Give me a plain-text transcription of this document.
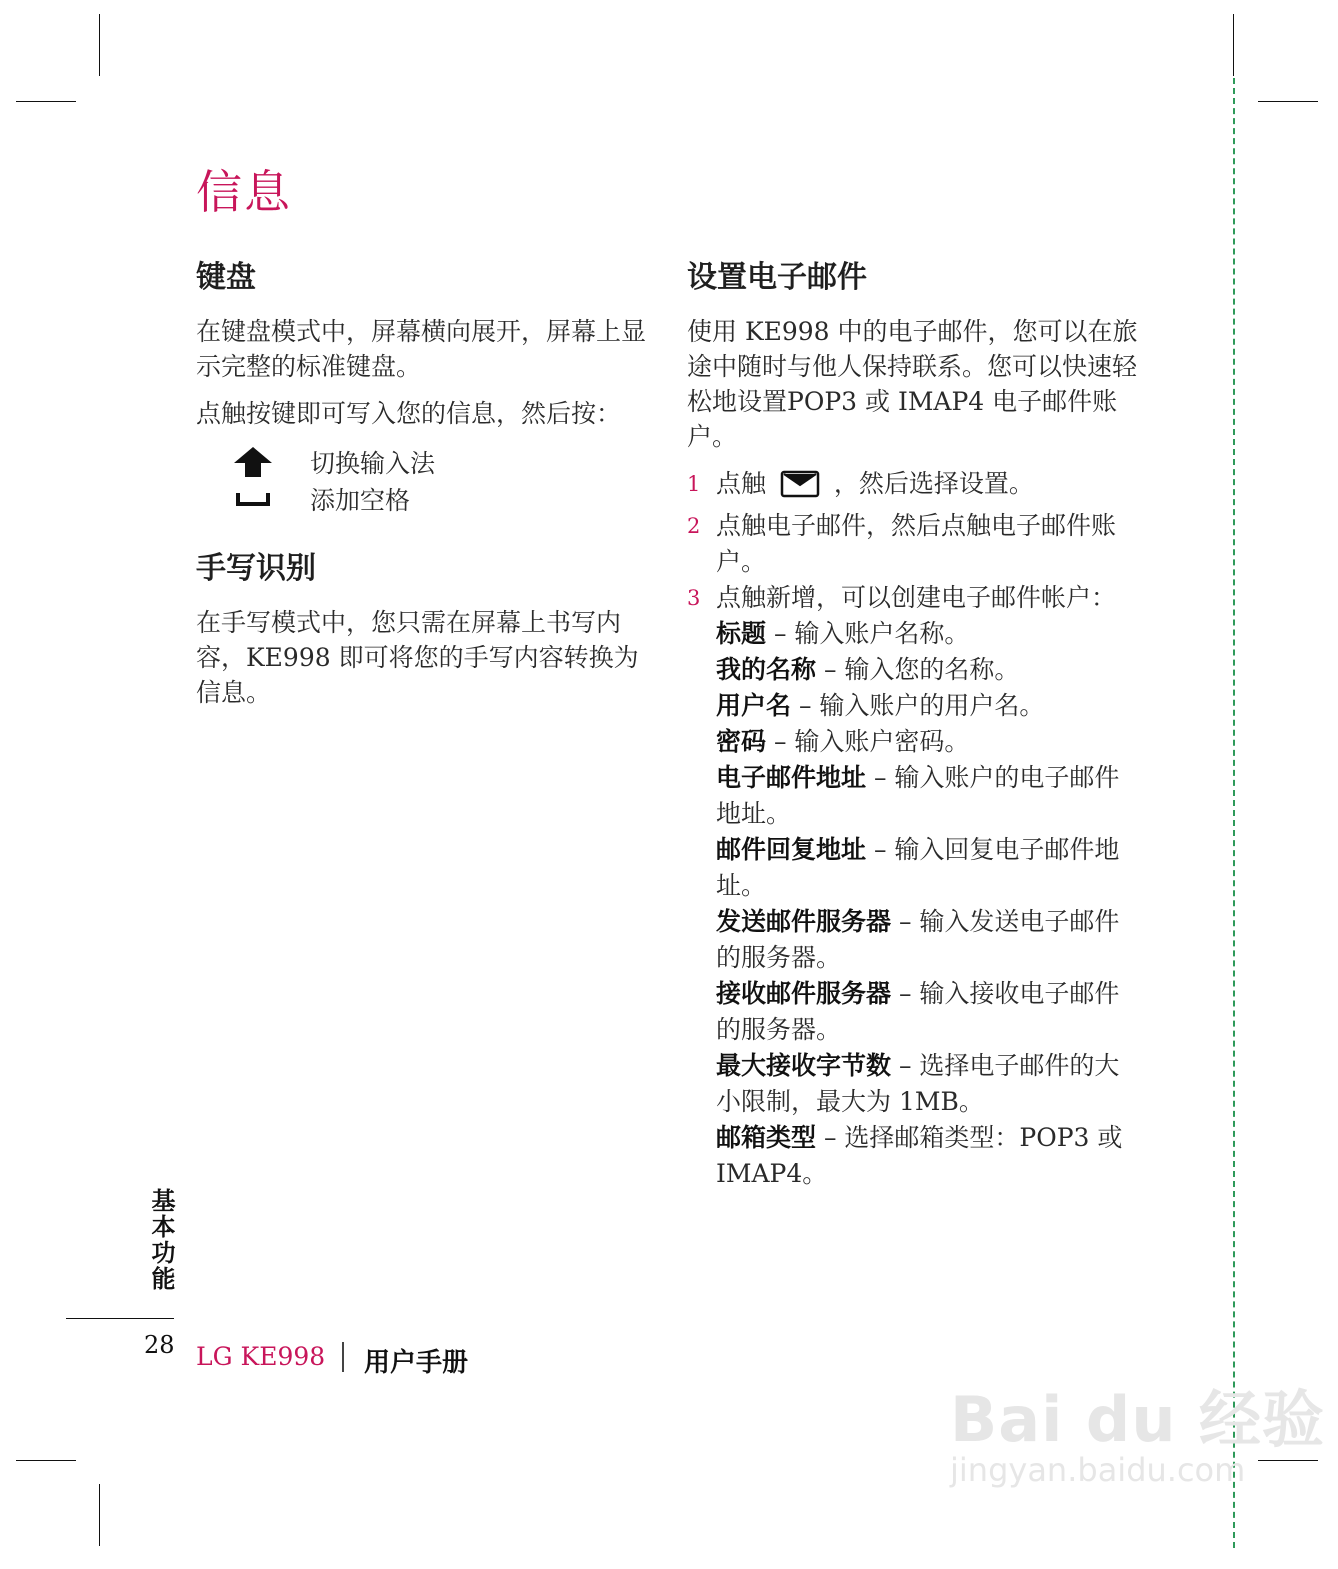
信息
键盘

在键盘模式中，屏幕横向展开，屏幕上显示完整的标准键盘。

点触按键即可写入您的信息，然后按：

切换输入法
添加空格
手写识别

在手写模式中，您只需在屏幕上书写内容，KE998 即可将您的手写内容转换为信息。

设置电子邮件

使用 KE998 中的电子邮件，您可以在旅途中随时与他人保持联系。您可以快速轻松地设置POP3 或 IMAP4 电子邮件账户。

1 点触	，然后选择设置。
2 点触电子邮件，然后点触电子邮件账户。
3 点触新增，可以创建电子邮件帐户：
标题 – 输入账户名称。
我的名称 – 输入您的名称。
用户名 – 输入账户的用户名。
密码 – 输入账户密码。
电子邮件地址 – 输入账户的电子邮件地址。
邮件回复地址 – 输入回复电子邮件地址。
发送邮件服务器 – 输入发送电子邮件的服务器。
接收邮件服务器 – 输入接收电子邮件的服务器。
最大接收字节数 – 选择电子邮件的大小限制，最大为 1MB。
邮箱类型 – 选择邮箱类型：POP3 或 IMAP4。
基本功能
28 LG KE998 用户手册
Bai du 经验
jingyan.baidu.com
